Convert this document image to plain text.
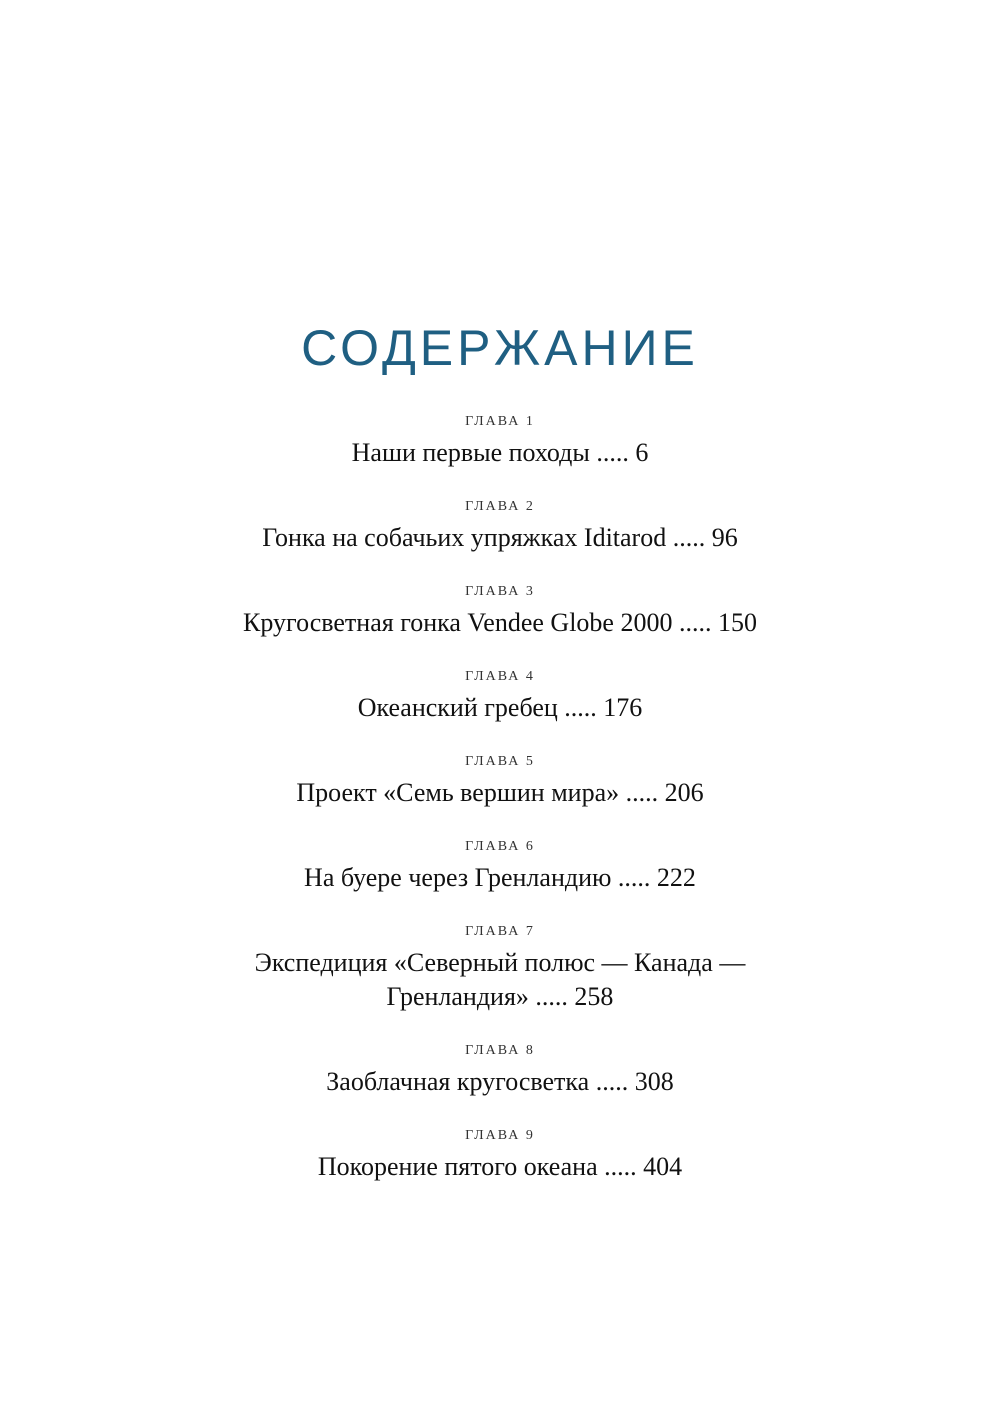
СОДЕРЖАНИЕ
ГЛАВА 1
Наши первые походы ..... 6
ГЛАВА 2
Гонка на собачьих упряжках Iditarod ..... 96
ГЛАВА 3
Кругосветная гонка Vendee Globe 2000 ..... 150
ГЛАВА 4
Океанский гребец ..... 176
ГЛАВА 5
Проект «Семь вершин мира» ..... 206
ГЛАВА 6
На буере через Гренландию ..... 222
ГЛАВА 7
Экспедиция «Северный полюс — Канада —
Гренландия» ..... 258
ГЛАВА 8
Заоблачная кругосветка ..... 308
ГЛАВА 9
Покорение пятого океана ..... 404
